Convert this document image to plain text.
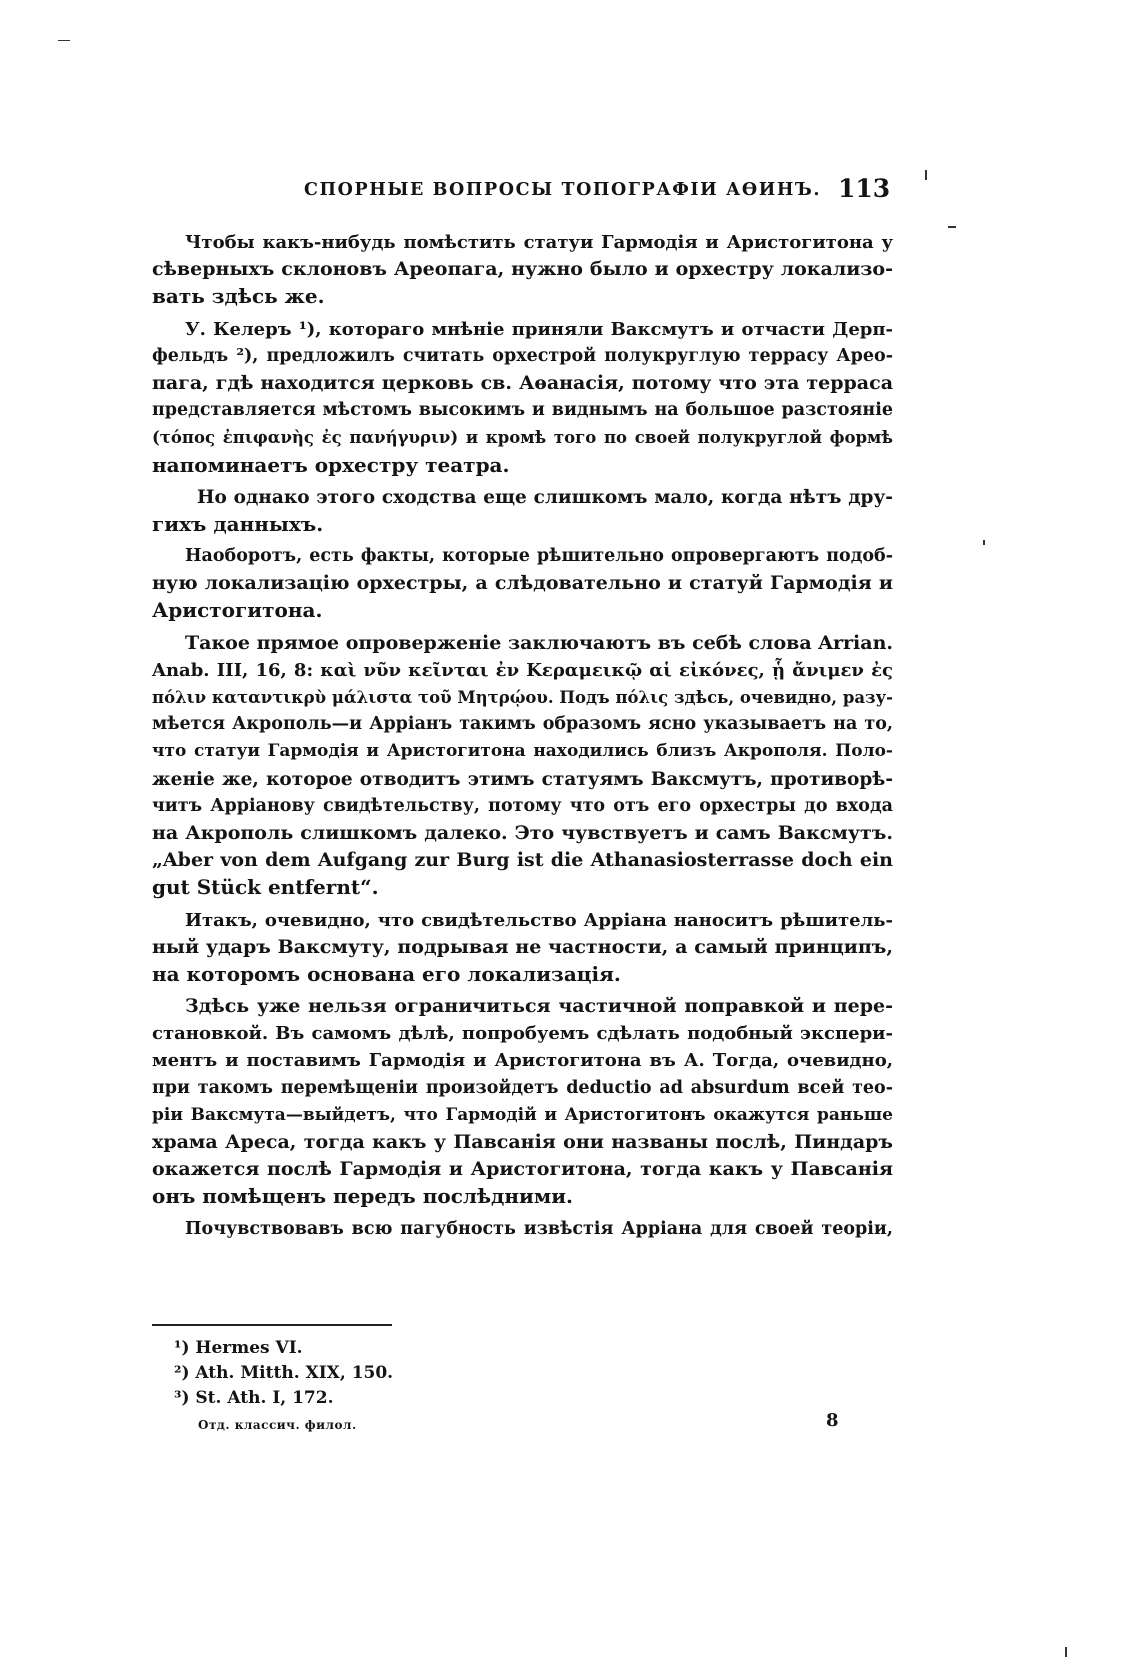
СПОРНЫЕ ВОПРОСЫ ТОПОГРАФІИ АѲИНЪ. 113
Чтобы какъ-нибудь помѣстить статуи Гармодія и Аристогитона у
сѣверныхъ склоновъ Ареопага, нужно было и орхестру локализо-
вать здѣсь же.
У. Келеръ ¹), котораго мнѣніе приняли Ваксмутъ и отчасти Дерп-
фельдъ ²), предложилъ считать орхестрой полукруглую террасу Арео-
пага, гдѣ находится церковь св. Аѳанасія, потому что эта терраса
представляется мѣстомъ высокимъ и виднымъ на большое разстояніе
(τόπος ἐπιφανὴς ἐς πανήγυριν) и кромѣ того по своей полукруглой формѣ
напоминаетъ орхестру театра.
Но однако этого сходства еще слишкомъ мало, когда нѣтъ дру-
гихъ данныхъ.
Наоборотъ, есть факты, которые рѣшительно опровергаютъ подоб-
ную локализацію орхестры, а слѣдовательно и статуй Гармодія и
Аристогитона.
Такое прямое опроверженіе заключаютъ въ себѣ слова Arrian.
Anab. III, 16, 8: καὶ νῦν κεῖνται ἐν Κεραμεικῷ αἱ εἰκόνες, ᾗ ἄνιμεν ἐς
πόλιν καταντικρὺ μάλιστα τοῦ Μητρῴου. Подъ πόλις здѣсь, очевидно, разу-
мѣется Акрополь—и Арріанъ такимъ образомъ ясно указываетъ на то,
что статуи Гармодія и Аристогитона находились близъ Акрополя. Поло-
женіе же, которое отводитъ этимъ статуямъ Ваксмутъ, противорѣ-
читъ Арріанову свидѣтельству, потому что отъ его орхестры до входа
на Акрополь слишкомъ далеко. Это чувствуетъ и самъ Ваксмутъ.
„Aber von dem Aufgang zur Burg ist die Athanasiosterrasse doch ein
gut Stück entfernt“.
Итакъ, очевидно, что свидѣтельство Арріана наноситъ рѣшитель-
ный ударъ Ваксмуту, подрывая не частности, а самый принципъ,
на которомъ основана его локализація.
Здѣсь уже нельзя ограничиться частичной поправкой и пере-
становкой. Въ самомъ дѣлѣ, попробуемъ сдѣлать подобный экспери-
ментъ и поставимъ Гармодія и Аристогитона въ А. Тогда, очевидно,
при такомъ перемѣщеніи произойдетъ deductio ad absurdum всей тео-
ріи Ваксмута—выйдетъ, что Гармодій и Аристогитонъ окажутся раньше
храма Ареса, тогда какъ у Павсанія они названы послѣ, Пиндаръ
окажется послѣ Гармодія и Аристогитона, тогда какъ у Павсанія
онъ помѣщенъ передъ послѣдними.
Почувствовавъ всю пагубность извѣстія Арріана для своей теоріи,
¹) Hermes VI.
²) Ath. Mitth. XIX, 150.
³) St. Ath. I, 172.
Отд. классич. филол.	8
